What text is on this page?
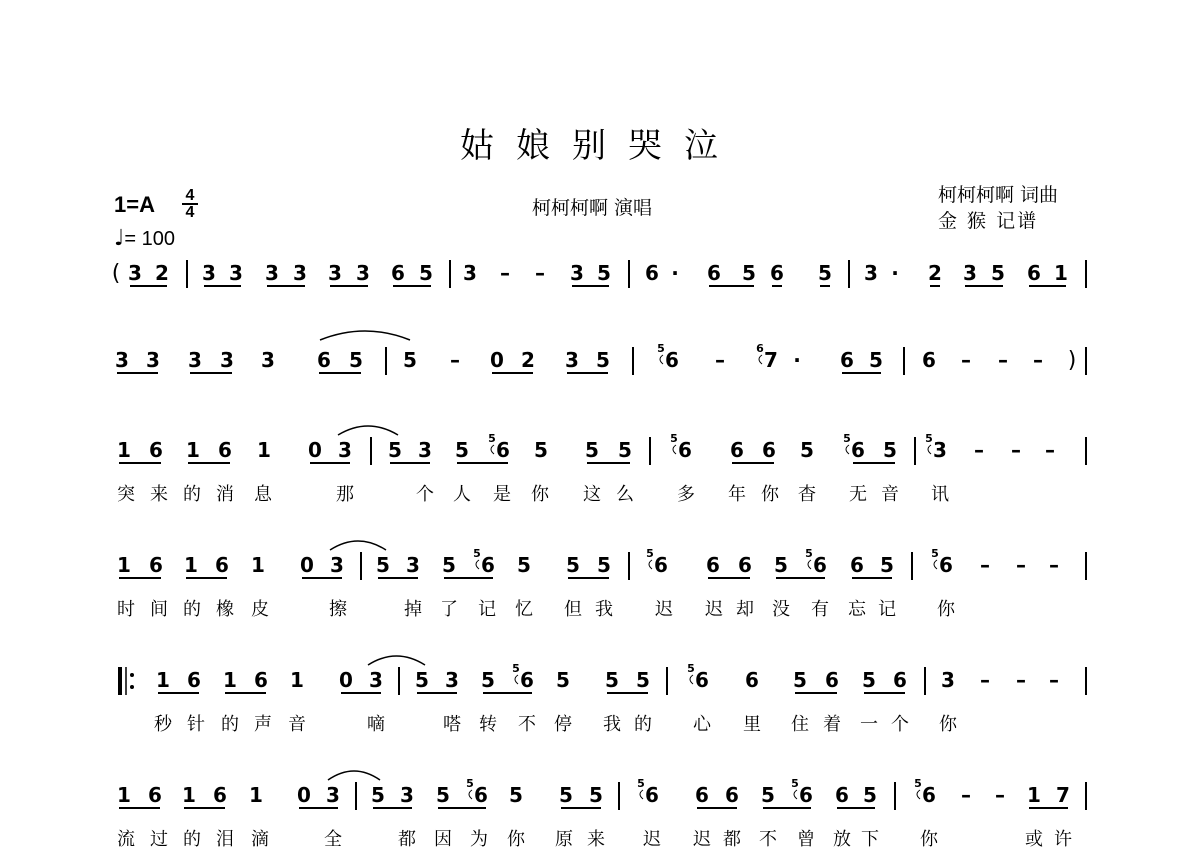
姑娘别哭泣
1=A 4
4
♩= 100
柯柯柯啊 演唱
柯柯柯啊 词曲
金 猴 记谱
( 3 2 3 3 3 3 3 3 6 5 3 – – 3 5 6 · 6 5 6 5 3 · 2 3 5 6 1
3 3 3 3 3 6 5 5 – 0 2 3 5	6 – 7 · 6 5 6 – – – )
1 6 1 6 1 0 3 5 3 5 6 5 5 5 6 6 6 5 6 5 3 – – –
突 来 的 消 息	那	个 人 是 你 这 么 多 年 你 杳 无 音 讯
1 6 1 6 1 0 3 5 3 5 6 5 5 5 6 6 6 5 6 6 5 6 – – –
时 间 的 橡 皮	擦	掉 了 记 忆 但 我 迟 迟 却 没 有 忘 记 你
1 6 1 6 1 0 3 5 3 5 6 5 5 5 6 6 5 6 5 6 3 – – –
秒 针 的 声 音	嘀	嗒 转 不 停 我 的 心 里 住 着 一 个 你
1 6 1 6 1 0 3 5 3 5 6 5 5 5 6 6 6 5 6 6 5 6 – – 1 7
流 过 的 泪 滴	全	都 因 为 你 原 来 迟 迟 都 不 曾 放 下 你	或 许
5	6
5	5	5	5
5	5	5	5
5	5
5	5	5	5
